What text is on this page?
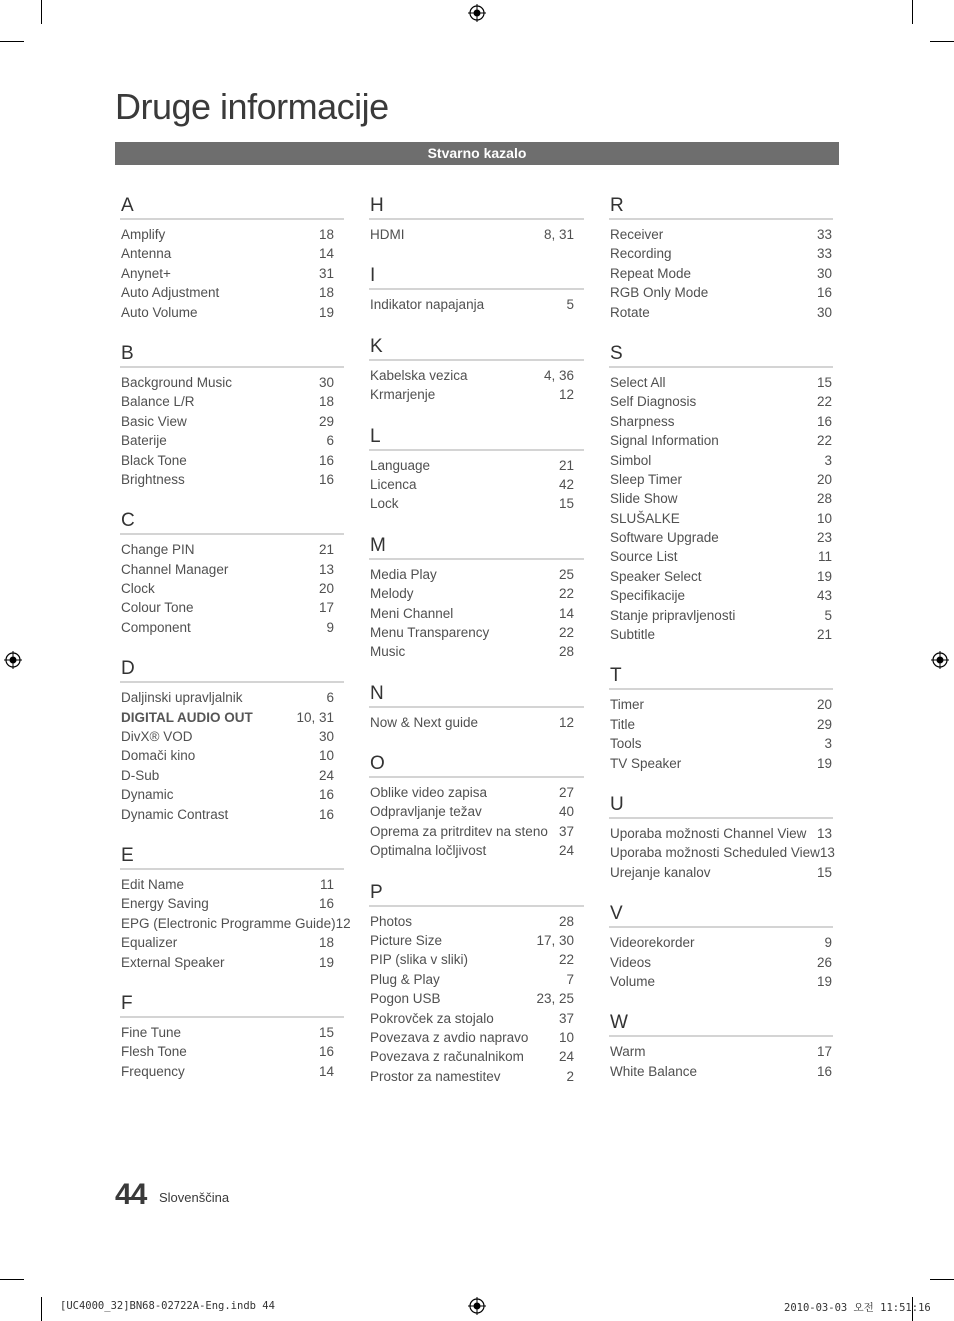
Druge informacije
Stvarno kazalo
A
Amplify	18
Antenna	14
Anynet+	31
Auto Adjustment	18
Auto Volume	19
B
Background Music	30
Balance L/R	18
Basic View	29
Baterije	6
Black Tone	16
Brightness	16
C
Change PIN	21
Channel Manager	13
Clock	20
Colour Tone	17
Component	9
D
Daljinski upravljalnik	6
DIGITAL AUDIO OUT	10, 31
DivX® VOD	30
Domači kino	10
D-Sub	24
Dynamic	16
Dynamic Contrast	16
E
Edit Name	11
Energy Saving	16
EPG (Electronic Programme Guide) 12
Equalizer	18
External Speaker	19
F
Fine Tune	15
Flesh Tone	16
Frequency	14
H
HDMI	8, 31
I
Indikator napajanja	5
K
Kabelska vezica	4, 36
Krmarjenje	12
L
Language	21
Licenca	42
Lock	15
M
Media Play	25
Melody	22
Meni Channel	14
Menu Transparency	22
Music	28
N
Now & Next guide	12
O
Oblike video zapisa	27
Odpravljanje težav	40
Oprema za pritrditev na steno 37
Optimalna ločljivost	24
P
Photos	28
Picture Size	17, 30
PIP (slika v sliki)	22
Plug & Play	7
Pogon USB	23, 25
Pokrovček za stojalo	37
Povezava z avdio napravo 10
Povezava z računalnikom	24
Prostor za namestitev	2
R
Receiver	33
Recording	33
Repeat Mode	30
RGB Only Mode	16
Rotate	30
S
Select All	15
Self Diagnosis	22
Sharpness	16
Signal Information	22
Simbol	3
Sleep Timer	20
Slide Show	28
SLUŠALKE	10
Software Upgrade	23
Source List	11
Speaker Select	19
Specifikacije	43
Stanje pripravljenosti	5
Subtitle	21
T
Timer	20
Title	29
Tools	3
TV Speaker	19
U
Uporaba možnosti Channel View 13
Uporaba možnosti Scheduled View 13
Urejanje kanalov	15
V
Videorekorder	9
Videos	26
Volume	19
W
Warm	17
White Balance	16
44 Slovenščina
[UC4000_32]BN68-02722A-Eng.indb 44	2010-03-03 오전 11:51:16
